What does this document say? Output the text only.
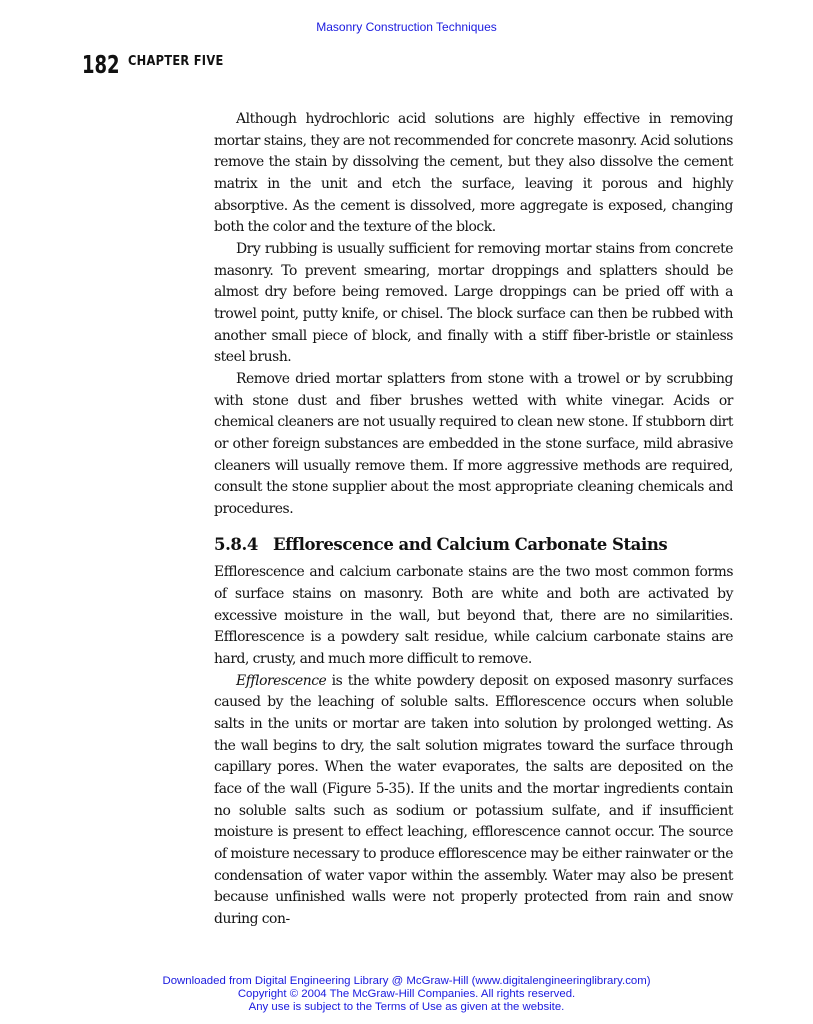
Masonry Construction Techniques
182 CHAPTER FIVE

Although hydrochloric acid solutions are highly effective in removing mortar stains, they are not recommended for concrete masonry. Acid solutions remove the stain by dissolving the cement, but they also dissolve the cement matrix in the unit and etch the surface, leaving it porous and highly absorptive. As the cement is dissolved, more aggregate is exposed, changing both the color and the texture of the block.

Dry rubbing is usually sufficient for removing mortar stains from concrete masonry. To prevent smearing, mortar droppings and splatters should be almost dry before being removed. Large droppings can be pried off with a trowel point, putty knife, or chisel. The block surface can then be rubbed with another small piece of block, and finally with a stiff fiber-bristle or stainless steel brush.

Remove dried mortar splatters from stone with a trowel or by scrubbing with stone dust and fiber brushes wetted with white vinegar. Acids or chemical cleaners are not usually required to clean new stone. If stubborn dirt or other foreign substances are embedded in the stone surface, mild abrasive cleaners will usually remove them. If more aggressive methods are required, consult the stone supplier about the most appropriate cleaning chemicals and procedures.

5.8.4 Efflorescence and Calcium Carbonate Stains

Efflorescence and calcium carbonate stains are the two most common forms of surface stains on masonry. Both are white and both are activated by excessive moisture in the wall, but beyond that, there are no similarities. Efflorescence is a powdery salt residue, while calcium carbonate stains are hard, crusty, and much more difficult to remove.

Efflorescence is the white powdery deposit on exposed masonry surfaces caused by the leaching of soluble salts. Efflorescence occurs when soluble salts in the units or mortar are taken into solution by prolonged wetting. As the wall begins to dry, the salt solution migrates toward the surface through capillary pores. When the water evaporates, the salts are deposited on the face of the wall (Figure 5-35). If the units and the mortar ingredients contain no soluble salts such as sodium or potassium sulfate, and if insufficient moisture is present to effect leaching, efflorescence cannot occur. The source of moisture necessary to produce efflorescence may be either rainwater or the condensation of water vapor within the assembly. Water may also be present because unfinished walls were not properly protected from rain and snow during con-

Downloaded from Digital Engineering Library @ McGraw-Hill (www.digitalengineeringlibrary.com)
Copyright © 2004 The McGraw-Hill Companies. All rights reserved.
Any use is subject to the Terms of Use as given at the website.
